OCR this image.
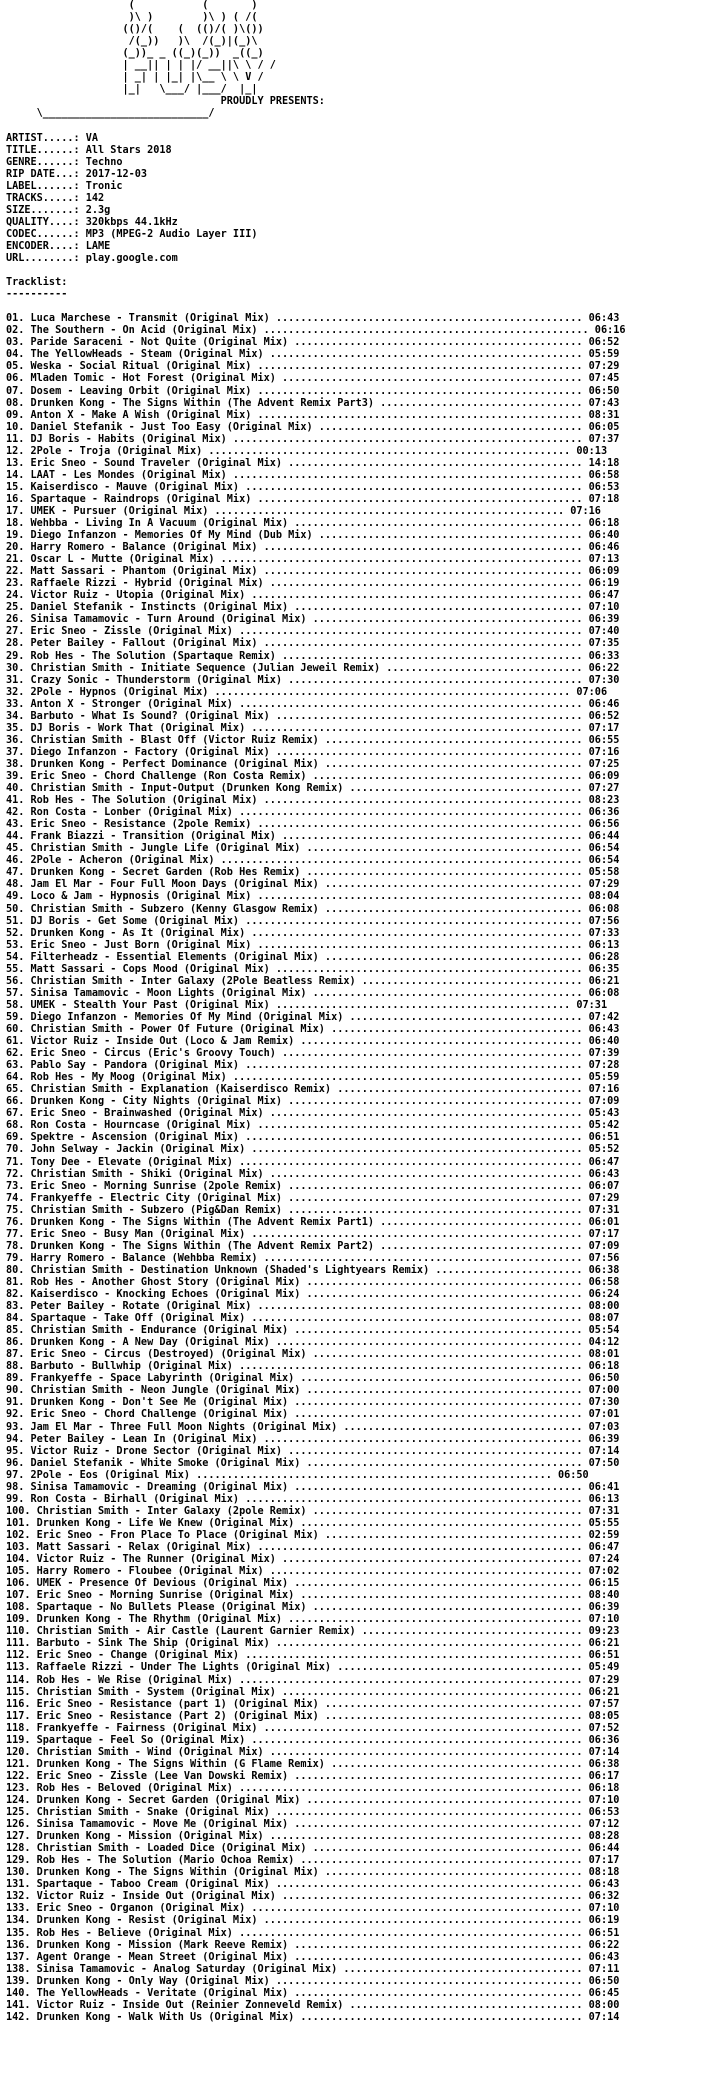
(           (       )
)\ )        )\ ) ( /(
(()/(    (  (()/( )\())
/(_))   )\  /(_)|(_)\
(_))_ _ ((_)(_))  _((_)
| __|| | | |/ __||\ \ / /
| _| | |_| |\__ \ \ V /
|_|   \___/ |___/  |_|
PROUDLY PRESENTS:
\___________________________/

ARTIST.....: VA
TITLE......: All Stars 2018
GENRE......: Techno
RIP DATE...: 2017-12-03
LABEL......: Tronic
TRACKS.....: 142
SIZE.......: 2.3g
QUALITY....: 320kbps 44.1kHz
CODEC......: MP3 (MPEG-2 Audio Layer III)
ENCODER....: LAME
URL........: play.google.com

Tracklist:
----------

01. Luca Marchese - Transmit (Original Mix) .................................................. 06:43
02. The Southern - On Acid (Original Mix) ..................................................... 06:16
03. Paride Saraceni - Not Quite (Original Mix) ............................................... 06:52
04. The YellowHeads - Steam (Original Mix) ................................................... 05:59
05. Weska - Social Ritual (Original Mix) ..................................................... 07:29
06. Mladen Tomic - Hot Forest (Original Mix) ................................................. 07:45
07. Dosem - Leaving Orbit (Original Mix) ..................................................... 06:50
08. Drunken Kong - The Signs Within (The Advent Remix Part3) ................................. 07:43
09. Anton X - Make A Wish (Original Mix) ..................................................... 08:31
10. Daniel Stefanik - Just Too Easy (Original Mix) ........................................... 06:05
11. DJ Boris - Habits (Original Mix) ......................................................... 07:37
12. 2Pole - Troja (Original Mix) ........................................................... 00:13
13. Eric Sneo - Sound Traveler (Original Mix) ................................................ 14:18
14. LAAT - Les Mondes (Original Mix) ......................................................... 06:58
15. Kaiserdisco - Mauve (Original Mix) ....................................................... 06:53
16. Spartaque - Raindrops (Original Mix) ..................................................... 07:18
17. UMEK - Pursuer (Original Mix) ......................................................... 07:16
18. Wehbba - Living In A Vacuum (Original Mix) ............................................... 06:18
19. Diego Infanzon - Memories Of My Mind (Dub Mix) ........................................... 06:40
20. Harry Romero - Balance (Original Mix) .................................................... 06:46
21. Oscar L - Mutte (Original Mix) ........................................................... 07:13
22. Matt Sassari - Phantom (Original Mix) .................................................... 06:09
23. Raffaele Rizzi - Hybrid (Original Mix) ................................................... 06:19
24. Victor Ruiz - Utopia (Original Mix) ...................................................... 06:47
25. Daniel Stefanik - Instincts (Original Mix) ............................................... 07:10
26. Sinisa Tamamovic - Turn Around (Original Mix) ............................................ 06:39
27. Eric Sneo - Zissle (Original Mix) ........................................................ 07:40
28. Peter Bailey - Fallout (Original Mix) .................................................... 07:35
29. Rob Hes - The Solution (Spartaque Remix) ................................................. 06:33
30. Christian Smith - Initiate Sequence (Julian Jeweil Remix) ................................ 06:22
31. Crazy Sonic - Thunderstorm (Original Mix) ................................................ 07:30
32. 2Pole - Hypnos (Original Mix) .......................................................... 07:06
33. Anton X - Stronger (Original Mix) ........................................................ 06:46
34. Barbuto - What Is Sound? (Original Mix) .................................................. 06:52
35. DJ Boris - Work That (Original Mix) ...................................................... 07:17
36. Christian Smith - Blast Off (Victor Ruiz Remix) .......................................... 06:55
37. Diego Infanzon - Factory (Original Mix) .................................................. 07:16
38. Drunken Kong - Perfect Dominance (Original Mix) .......................................... 07:25
39. Eric Sneo - Chord Challenge (Ron Costa Remix) ............................................ 06:09
40. Christian Smith - Input-Output (Drunken Kong Remix) ...................................... 07:27
41. Rob Hes - The Solution (Original Mix) .................................................... 08:23
42. Ron Costa - Lonber (Original Mix) ........................................................ 06:36
43. Eric Sneo - Resistance (2pole Remix) ..................................................... 06:56
44. Frank Biazzi - Transition (Original Mix) ................................................. 06:44
45. Christian Smith - Jungle Life (Original Mix) ............................................. 06:54
46. 2Pole - Acheron (Original Mix) ........................................................... 06:54
47. Drunken Kong - Secret Garden (Rob Hes Remix) ............................................. 05:58
48. Jam El Mar - Four Full Moon Days (Original Mix) .......................................... 07:29
49. Loco & Jam - Hypnosis (Original Mix) ..................................................... 08:04
50. Christian Smith - Subzero (Kenny Glasgow Remix) .......................................... 06:08
51. DJ Boris - Get Some (Original Mix) ....................................................... 07:56
52. Drunken Kong - As It (Original Mix) ...................................................... 07:33
53. Eric Sneo - Just Born (Original Mix) ..................................................... 06:13
54. Filterheadz - Essential Elements (Original Mix) .......................................... 06:28
55. Matt Sassari - Cops Mood (Original Mix) .................................................. 06:35
56. Christian Smith - Inter Galaxy (2Pole Beatless Remix) .................................... 06:21
57. Sinisa Tamamovic - Moon Lights (Original Mix) ............................................ 06:08
58. UMEK - Stealth Your Past (Original Mix) ................................................ 07:31
59. Diego Infanzon - Memories Of My Mind (Original Mix) ...................................... 07:42
60. Christian Smith - Power Of Future (Original Mix) ......................................... 06:43
61. Victor Ruiz - Inside Out (Loco & Jam Remix) .............................................. 06:40
62. Eric Sneo - Circus (Eric's Groovy Touch) ................................................. 07:39
63. Pablo Say - Pandora (Original Mix) ....................................................... 07:28
64. Rob Hes - My Moog (Original Mix) ......................................................... 05:59
65. Christian Smith - Explanation (Kaiserdisco Remix) ........................................ 07:16
66. Drunken Kong - City Nights (Original Mix) ................................................ 07:09
67. Eric Sneo - Brainwashed (Original Mix) ................................................... 05:43
68. Ron Costa - Hourncase (Original Mix) ..................................................... 05:42
69. Spektre - Ascension (Original Mix) ....................................................... 06:51
70. John Selway - Jackin (Original Mix) ...................................................... 05:52
71. Tony Dee - Elevate (Original Mix) ........................................................ 06:47
72. Christian Smith - Shiki (Original Mix) ................................................... 06:43
73. Eric Sneo - Morning Sunrise (2pole Remix) ................................................ 06:07
74. Frankyeffe - Electric City (Original Mix) ................................................ 07:29
75. Christian Smith - Subzero (Pig&Dan Remix) ................................................ 07:31
76. Drunken Kong - The Signs Within (The Advent Remix Part1) ................................. 06:01
77. Eric Sneo - Busy Man (Original Mix) ...................................................... 07:17
78. Drunken Kong - The Signs Within (The Advent Remix Part2) ................................. 07:09
79. Harry Romero - Balance (Wehbba Remix) .................................................... 07:56
80. Christian Smith - Destination Unknown (Shaded's Lightyears Remix) ........................ 06:38
81. Rob Hes - Another Ghost Story (Original Mix) ............................................. 06:58
82. Kaiserdisco - Knocking Echoes (Original Mix) ............................................. 06:24
83. Peter Bailey - Rotate (Original Mix) ..................................................... 08:00
84. Spartaque - Take Off (Original Mix) ...................................................... 08:07
85. Christian Smith - Endurance (Original Mix) ............................................... 05:54
86. Drunken Kong - A New Day (Original Mix) .................................................. 04:12
87. Eric Sneo - Circus (Destroyed) (Original Mix) ............................................ 08:01
88. Barbuto - Bullwhip (Original Mix) ........................................................ 06:18
89. Frankyeffe - Space Labyrinth (Original Mix) .............................................. 06:50
90. Christian Smith - Neon Jungle (Original Mix) ............................................. 07:00
91. Drunken Kong - Don't See Me (Original Mix) ............................................... 07:30
92. Eric Sneo - Chord Challenge (Original Mix) ............................................... 07:01
93. Jam El Mar - Three Full Moon Nights (Original Mix) ....................................... 07:03
94. Peter Bailey - Lean In (Original Mix) .................................................... 06:39
95. Victor Ruiz - Drone Sector (Original Mix) ................................................ 07:14
96. Daniel Stefanik - White Smoke (Original Mix) ............................................. 07:50
97. 2Pole - Eos (Original Mix) .......................................................... 06:50
98. Sinisa Tamamovic - Dreaming (Original Mix) ............................................... 06:41
99. Ron Costa - Birhall (Original Mix) ....................................................... 06:13
100. Christian Smith - Inter Galaxy (2pole Remix) ............................................ 07:31
101. Drunken Kong - Life We Knew (Original Mix) .............................................. 05:55
102. Eric Sneo - Fron Place To Place (Original Mix) .......................................... 02:59
103. Matt Sassari - Relax (Original Mix) ..................................................... 06:47
104. Victor Ruiz - The Runner (Original Mix) ................................................. 07:24
105. Harry Romero - Floubee (Original Mix) ................................................... 07:02
106. UMEK - Presence Of Devious (Original Mix) ............................................... 06:15
107. Eric Sneo - Morning Sunrise (Original Mix) .............................................. 08:40
108. Spartaque - No Bullets Please (Original Mix) ............................................ 06:39
109. Drunken Kong - The Rhythm (Original Mix) ................................................ 07:10
110. Christian Smith - Air Castle (Laurent Garnier Remix) .................................... 09:23
111. Barbuto - Sink The Ship (Original Mix) .................................................. 06:21
112. Eric Sneo - Change (Original Mix) ....................................................... 06:51
113. Raffaele Rizzi - Under The Lights (Original Mix) ........................................ 05:49
114. Rob Hes - We Rise (Original Mix) ........................................................ 07:29
115. Christian Smith - System (Original Mix) ................................................. 06:21
116. Eric Sneo - Resistance (part 1) (Original Mix) .......................................... 07:57
117. Eric Sneo - Resistance (Part 2) (Original Mix) .......................................... 08:05
118. Frankyeffe - Fairness (Original Mix) .................................................... 07:52
119. Spartaque - Feel So (Original Mix) ...................................................... 06:36
120. Christian Smith - Wind (Original Mix) ................................................... 07:14
121. Drunken Kong - The Signs Within (G Flame Remix) ......................................... 06:38
122. Eric Sneo - Zissle (Lee Van Dowski Remix) ............................................... 06:17
123. Rob Hes - Beloved (Original Mix) ........................................................ 06:18
124. Drunken Kong - Secret Garden (Original Mix) ............................................. 07:10
125. Christian Smith - Snake (Original Mix) .................................................. 06:53
126. Sinisa Tamamovic - Move Me (Original Mix) ............................................... 07:12
127. Drunken Kong - Mission (Original Mix) ................................................... 08:28
128. Christian Smith - Loaded Dice (Original Mix) ............................................ 06:44
129. Rob Hes - The Solution (Mario Ochoa Remix) .............................................. 07:17
130. Drunken Kong - The Signs Within (Original Mix) .......................................... 08:18
131. Spartaque - Taboo Cream (Original Mix) .................................................. 06:43
132. Victor Ruiz - Inside Out (Original Mix) ................................................. 06:32
133. Eric Sneo - Organon (Original Mix) ...................................................... 07:10
134. Drunken Kong - Resist (Original Mix) .................................................... 06:19
135. Rob Hes - Believe (Original Mix) ........................................................ 06:51
136. Drunken Kong - Mission (Mark Reeve Remix) ............................................... 06:22
137. Agent Orange - Mean Street (Original Mix) ............................................... 06:43
138. Sinisa Tamamovic - Analog Saturday (Original Mix) ....................................... 07:11
139. Drunken Kong - Only Way (Original Mix) .................................................. 06:50
140. The YellowHeads - Veritate (Original Mix) ............................................... 06:45
141. Victor Ruiz - Inside Out (Reinier Zonneveld Remix) ...................................... 08:00
142. Drunken Kong - Walk With Us (Original Mix) .............................................. 07:14
